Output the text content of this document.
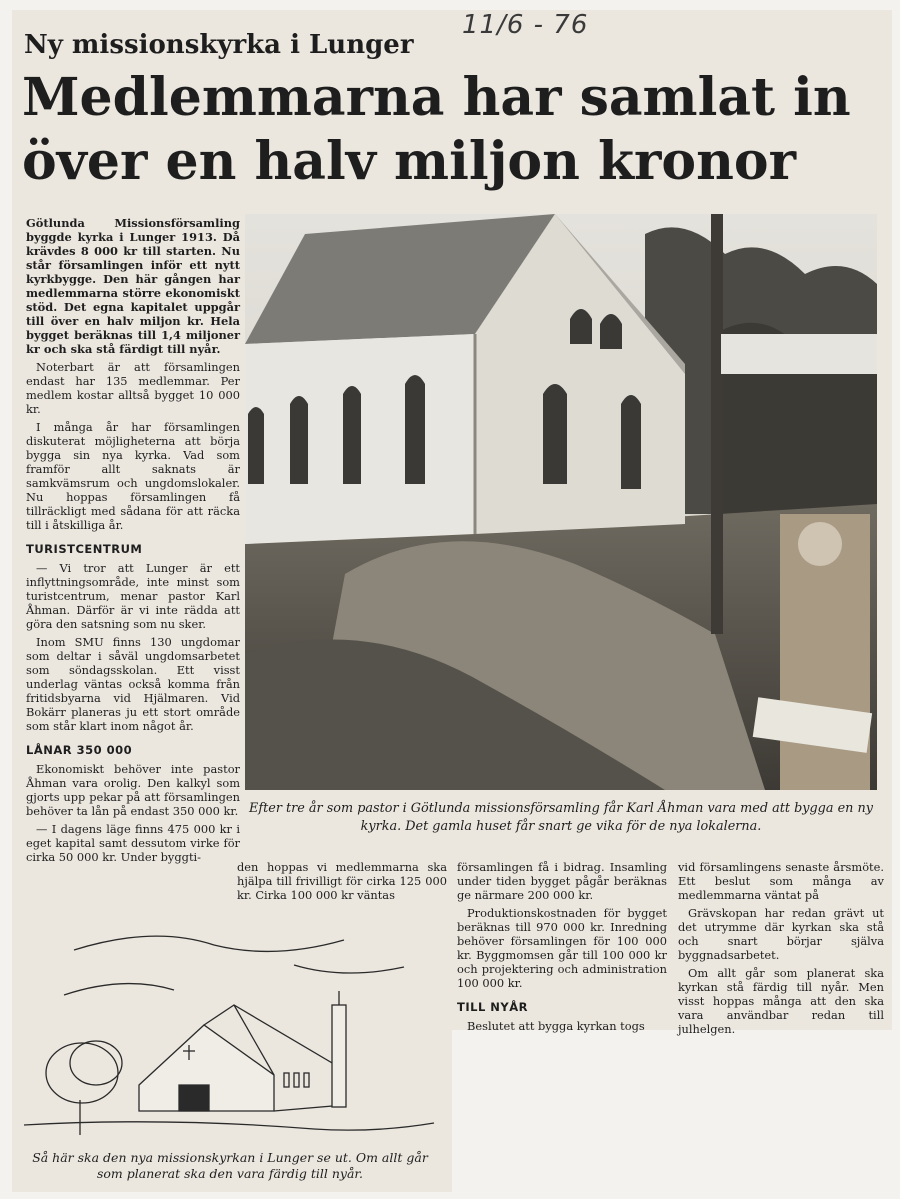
11/6 - 76
Ny missionskyrka i Lunger
Medlemmarna har samlat in över en halv miljon kronor

Götlunda Missionsförsamling byggde kyrka i Lunger 1913. Då krävdes 8 000 kr till starten. Nu står församlingen inför ett nytt kyrkbygge. Den här gången har medlemmarna större ekonomiskt stöd. Det egna kapitalet uppgår till över en halv miljon kr. Hela bygget beräknas till 1,4 miljoner kr och ska stå färdigt till nyår.

Noterbart är att församlingen endast har 135 medlemmar. Per medlem kostar alltså bygget 10 000 kr.

I många år har församlingen diskuterat möjligheterna att börja bygga sin nya kyrka. Vad som framför allt saknats är samkvämsrum och ungdomslokaler. Nu hoppas församlingen få tillräckligt med sådana för att räcka till i åtskilliga år.

TURISTCENTRUM

— Vi tror att Lunger är ett inflyttningsområde, inte minst som turistcentrum, menar pastor Karl Åhman. Därför är vi inte rädda att göra den satsning som nu sker.

Inom SMU finns 130 ungdomar som deltar i såväl ungdomsarbetet som söndagsskolan. Ett visst underlag väntas också komma från fritidsbyarna vid Hjälmaren. Vid Bokärr planeras ju ett stort område som står klart inom något år.

LÅNAR 350 000

Ekonomiskt behöver inte pastor Åhman vara orolig. Den kalkyl som gjorts upp pekar på att församlingen behöver ta lån på endast 350 000 kr.

— I dagens läge finns 475 000 kr i eget kapital samt dessutom virke för cirka 50 000 kr. Under byggti-

Efter tre år som pastor i Götlunda missionsförsamling får Karl Åhman vara med att bygga en ny kyrka. Det gamla huset får snart ge vika för de nya lokalerna.

den hoppas vi medlemmarna ska hjälpa till frivilligt för cirka 125 000 kr. Cirka 100 000 kr väntas

församlingen få i bidrag. Insamling under tiden bygget pågår beräknas ge närmare 200 000 kr.

Produktionskostnaden för bygget beräknas till 970 000 kr. Inredning behöver församlingen för 100 000 kr. Byggmomsen går till 100 000 kr och projektering och administration 100 000 kr.

TILL NYÅR

Beslutet att bygga kyrkan togs

vid församlingens senaste årsmöte. Ett beslut som många av medlemmarna väntat på

Grävskopan har redan grävt ut det utrymme där kyrkan ska stå och snart börjar själva byggnadsarbetet.

Om allt går som planerat ska kyrkan stå färdig till nyår. Men visst hoppas många att den ska vara användbar redan till julhelgen.

Så här ska den nya missionskyrkan i Lunger se ut. Om allt går som planerat ska den vara färdig till nyår.
